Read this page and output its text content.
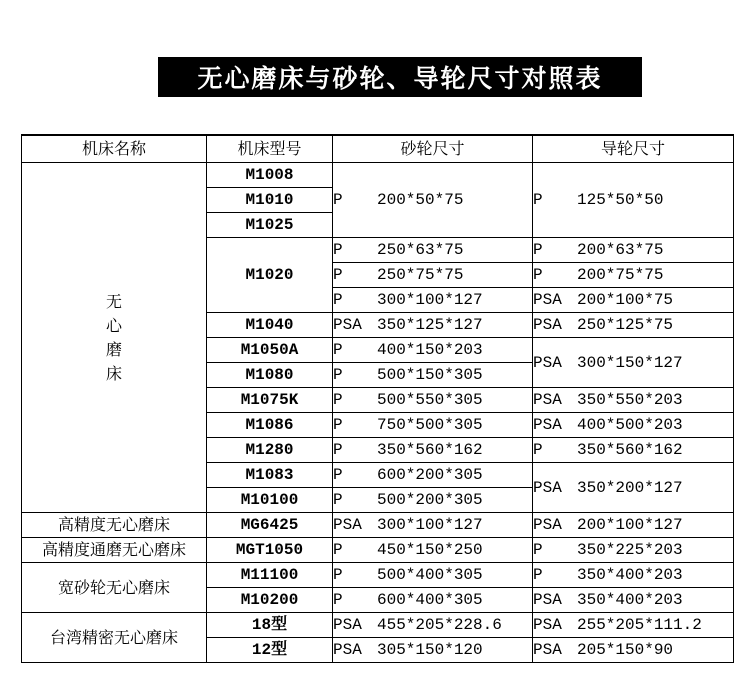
无心磨床与砂轮、导轮尺寸对照表
机床名称	机床型号	砂轮尺寸	导轮尺寸
无心磨床	M1008	P 200*50*75	P 125*50*50
	M1010		
	M1025		
	M1020	P 250*63*75	P 200*63*75
		P 250*75*75	P 200*75*75
		P 300*100*127	PSA 200*100*75
	M1040	PSA 350*125*127	PSA 250*125*75
	M1050A	P 400*150*203	PSA 300*150*127
	M1080	P 500*150*305	
	M1075K	P 500*550*305	PSA 350*550*203
	M1086	P 750*500*305	PSA 400*500*203
	M1280	P 350*560*162	P 350*560*162
	M1083	P 600*200*305	PSA 350*200*127
	M10100	P 500*200*305	
高精度无心磨床	MG6425	PSA 300*100*127	PSA 200*100*127
高精度通磨无心磨床	MGT1050	P 450*150*250	P 350*225*203
宽砂轮无心磨床	M11100	P 500*400*305	P 350*400*203
	M10200	P 600*400*305	PSA 350*400*203
台湾精密无心磨床	18型	PSA 455*205*228.6	PSA 255*205*111.2
	12型	PSA 305*150*120	PSA 205*150*90
